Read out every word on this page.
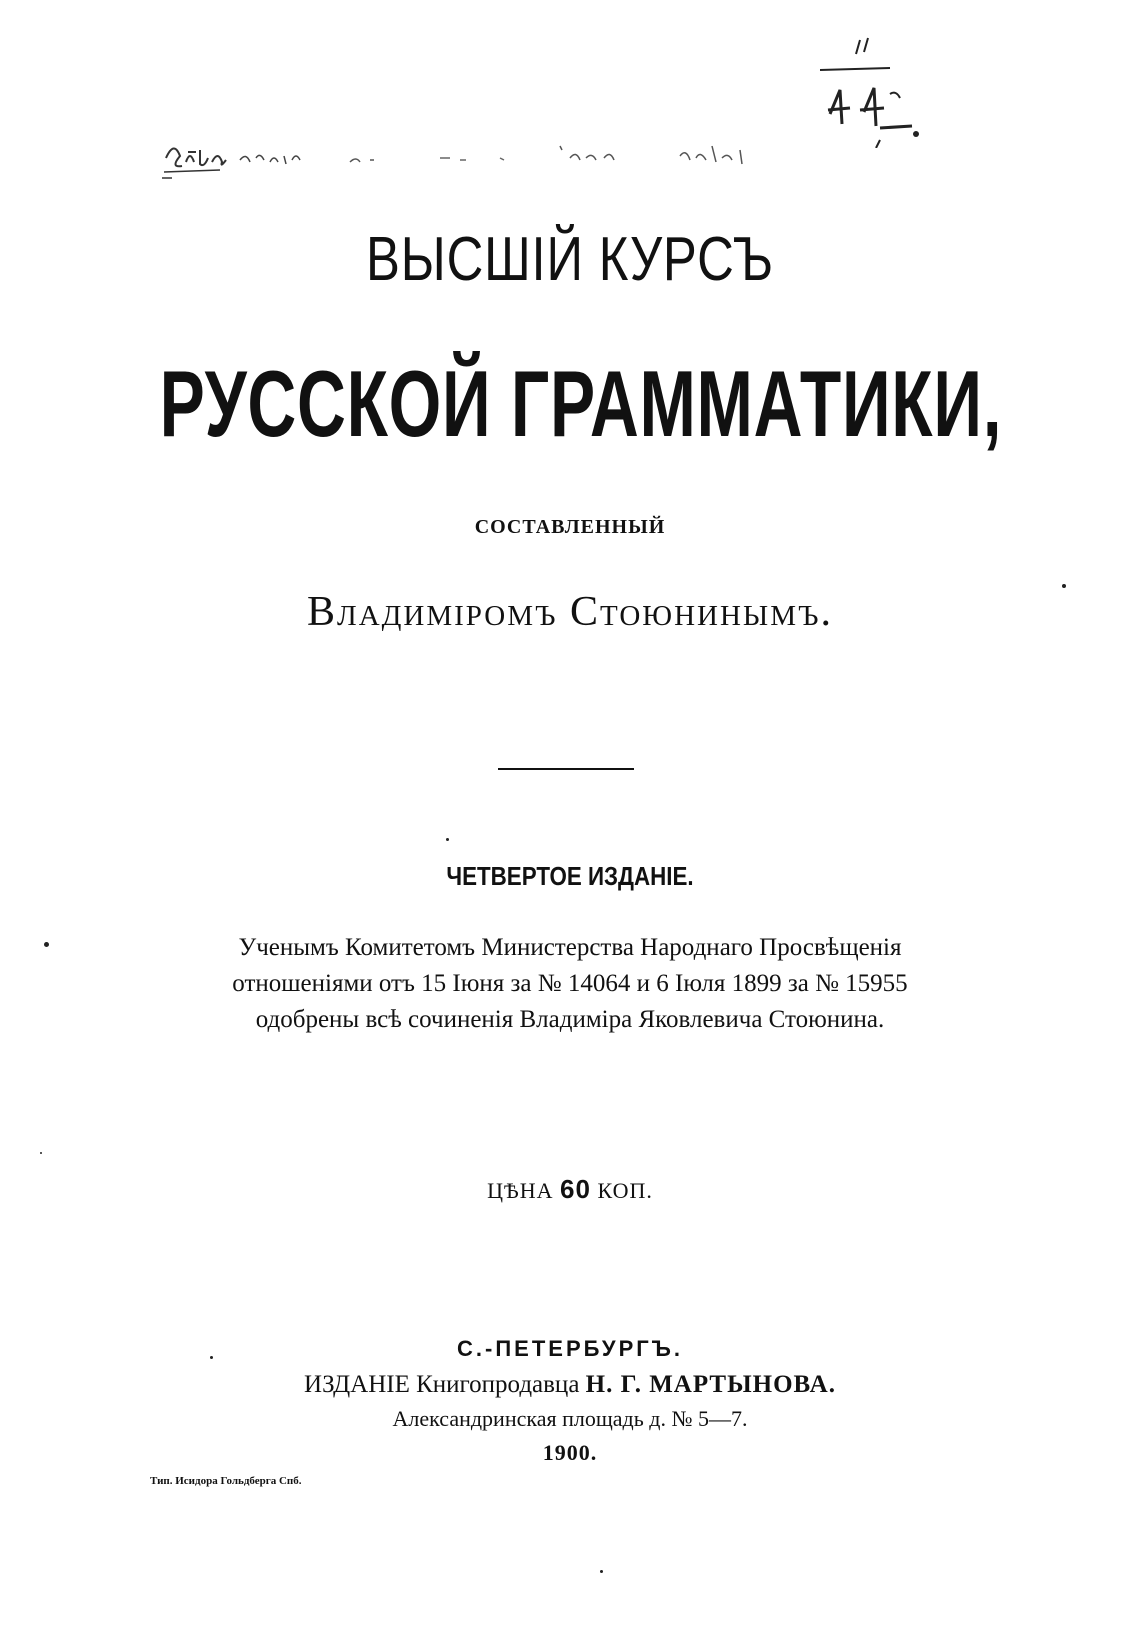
ВЫСШІЙ КУРСЪ
РУССКОЙ ГРАММАТИКИ,
СОСТАВЛЕННЫЙ
Владиміромъ Стоюнинымъ.
ЧЕТВЕРТОЕ ИЗДАНІЕ.
Ученымъ Комитетомъ Министерства Народнаго Просвѣщенія
отношеніями отъ 15 Іюня за № 14064 и 6 Іюля 1899 за № 15955
одобрены всѣ сочиненія Владиміра Яковлевича Стоюнина.
ЦѢНА 60 КОП.
С.-ПЕТЕРБУРГЪ.
ИЗДАНІЕ Книгопродавца Н. Г. МАРТЫНОВА.
Александринская площадь д. № 5—7.
1900.
Тип. Исидора Гольдберга Спб.
